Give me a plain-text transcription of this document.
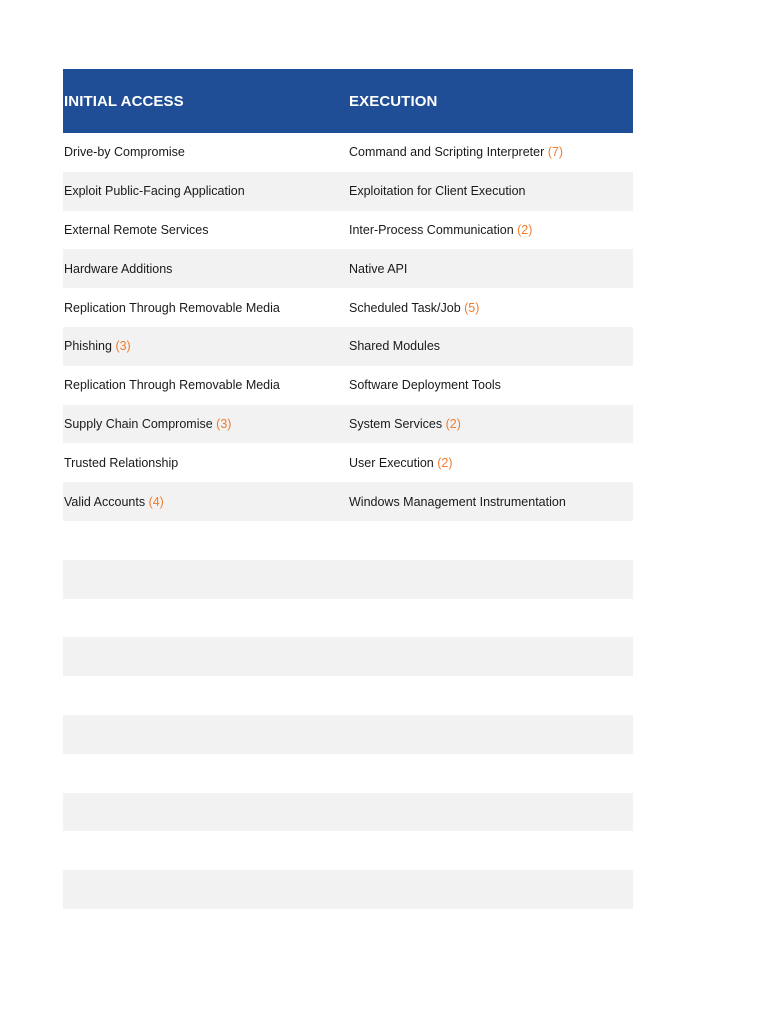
INITIAL ACCESS	EXECUTION
Drive-by Compromise	Command and Scripting Interpreter (7)
Exploit Public-Facing Application	Exploitation for Client Execution
External Remote Services	Inter-Process Communication (2)
Hardware Additions	Native API
Replication Through Removable Media	Scheduled Task/Job (5)
Phishing (3)	Shared Modules
Replication Through Removable Media	Software Deployment Tools
Supply Chain Compromise (3)	System Services (2)
Trusted Relationship	User Execution (2)
Valid Accounts (4)	Windows Management Instrumentation
